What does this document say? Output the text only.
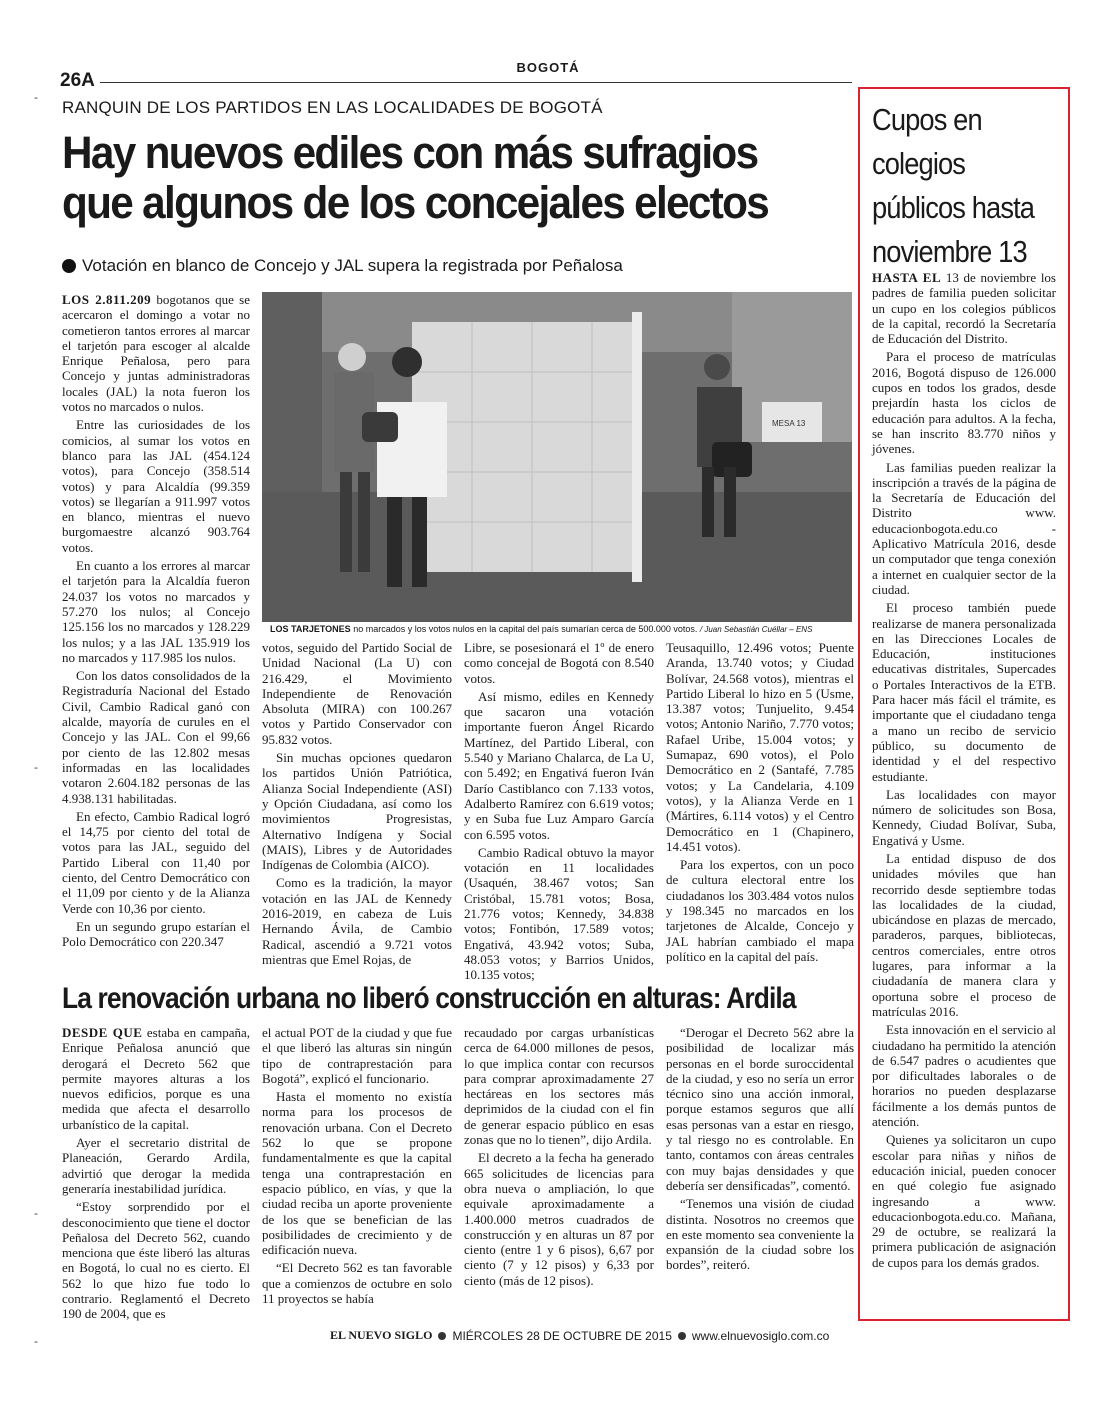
BOGOTÁ
26A
RANQUIN DE LOS PARTIDOS EN LAS LOCALIDADES DE BOGOTÁ
Hay nuevos ediles con más sufragios que algunos de los concejales electos
Votación en blanco de Concejo y JAL supera la registrada por Peñalosa

LOS 2.811.209 bogotanos que se acercaron el domingo a votar no cometieron tantos errores al marcar el tarjetón para escoger al alcalde Enrique Peñalosa, pero para Concejo y juntas administradoras locales (JAL) la nota fueron los votos no marcados o nulos.

Entre las curiosidades de los comicios, al sumar los votos en blanco para las JAL (454.124 votos), para Concejo (358.514 votos) y para Alcaldía (99.359 votos) se llegarían a 911.997 votos en blanco, mientras el nuevo burgomaestre alcanzó 903.764 votos.

En cuanto a los errores al marcar el tarjetón para la Alcaldía fueron 24.037 los votos no marcados y 57.270 los nulos; al Concejo 125.156 los no marcados y 128.229 los nulos; y a las JAL 135.919 los no marcados y 117.985 los nulos.

Con los datos consolidados de la Registraduría Nacional del Estado Civil, Cambio Radical ganó con alcalde, mayoría de curules en el Concejo y las JAL. Con el 99,66 por ciento de las 12.802 mesas informadas en las localidades votaron 2.604.182 personas de las 4.938.131 habilitadas.

En efecto, Cambio Radical logró el 14,75 por ciento del total de votos para las JAL, seguido del Partido Liberal con 11,40 por ciento, del Centro Democrático con el 11,09 por ciento y de la Alianza Verde con 10,36 por ciento.

En un segundo grupo estarían el Polo Democrático con 220.347

MESA 13
LOS TARJETONES no marcados y los votos nulos en la capital del país sumarían cerca de 500.000 votos. / Juan Sebastián Cuéllar – ENS

votos, seguido del Partido Social de Unidad Nacional (La U) con 216.429, el Movimiento Independiente de Renovación Absoluta (MIRA) con 100.267 votos y Partido Conservador con 95.832 votos.

Sin muchas opciones quedaron los partidos Unión Patriótica, Alianza Social Independiente (ASI) y Opción Ciudadana, así como los movimientos Progresistas, Alternativo Indígena y Social (MAIS), Libres y de Autoridades Indígenas de Colombia (AICO).

Como es la tradición, la mayor votación en las JAL de Kennedy 2016-2019, en cabeza de Luis Hernando Ávila, de Cambio Radical, ascendió a 9.721 votos mientras que Emel Rojas, de

Libre, se posesionará el 1º de enero como concejal de Bogotá con 8.540 votos.

Así mismo, ediles en Kennedy que sacaron una votación importante fueron Ángel Ricardo Martínez, del Partido Liberal, con 5.540 y Mariano Chalarca, de La U, con 5.492; en Engativá fueron Iván Darío Castiblanco con 7.133 votos, Adalberto Ramírez con 6.619 votos; y en Suba fue Luz Amparo García con 6.595 votos.

Cambio Radical obtuvo la mayor votación en 11 localidades (Usaquén, 38.467 votos; San Cristóbal, 15.781 votos; Bosa, 21.776 votos; Kennedy, 34.838 votos; Fontibón, 17.589 votos; Engativá, 43.942 votos; Suba, 48.053 votos; y Barrios Unidos, 10.135 votos;

Teusaquillo, 12.496 votos; Puente Aranda, 13.740 votos; y Ciudad Bolívar, 24.568 votos), mientras el Partido Liberal lo hizo en 5 (Usme, 13.387 votos; Tunjuelito, 9.454 votos; Antonio Nariño, 7.770 votos; Rafael Uribe, 15.004 votos; y Sumapaz, 690 votos), el Polo Democrático en 2 (Santafé, 7.785 votos; y La Candelaria, 4.109 votos), y la Alianza Verde en 1 (Mártires, 6.114 votos) y el Centro Democrático en 1 (Chapinero, 14.451 votos).

Para los expertos, con un poco de cultura electoral entre los ciudadanos los 303.484 votos nulos y 198.345 no marcados en los tarjetones de Alcalde, Concejo y JAL habrían cambiado el mapa político en la capital del país.

La renovación urbana no liberó construcción en alturas: Ardila

DESDE QUE estaba en campaña, Enrique Peñalosa anunció que derogará el Decreto 562 que permite mayores alturas a los nuevos edificios, porque es una medida que afecta el desarrollo urbanístico de la capital.

Ayer el secretario distrital de Planeación, Gerardo Ardila, advirtió que derogar la medida generaría inestabilidad jurídica.

“Estoy sorprendido por el desconocimiento que tiene el doctor Peñalosa del Decreto 562, cuando menciona que éste liberó las alturas en Bogotá, lo cual no es cierto. El 562 lo que hizo fue todo lo contrario. Reglamentó el Decreto 190 de 2004, que es

el actual POT de la ciudad y que fue el que liberó las alturas sin ningún tipo de contraprestación para Bogotá”, explicó el funcionario.

Hasta el momento no existía norma para los procesos de renovación urbana. Con el Decreto 562 lo que se propone fundamentalmente es que la capital tenga una contraprestación en espacio público, en vías, y que la ciudad reciba un aporte proveniente de los que se benefician de las posibilidades de crecimiento y de edificación nueva.

“El Decreto 562 es tan favorable que a comienzos de octubre en solo 11 proyectos se había

recaudado por cargas urbanísticas cerca de 64.000 millones de pesos, lo que implica contar con recursos para comprar aproximadamente 27 hectáreas en los sectores más deprimidos de la ciudad con el fin de generar espacio público en esas zonas que no lo tienen”, dijo Ardila.

El decreto a la fecha ha generado 665 solicitudes de licencias para obra nueva o ampliación, lo que equivale aproximadamente a 1.400.000 metros cuadrados de construcción y en alturas un 87 por ciento (entre 1 y 6 pisos), 6,67 por ciento (7 y 12 pisos) y 6,33 por ciento (más de 12 pisos).

“Derogar el Decreto 562 abre la posibilidad de localizar más personas en el borde suroccidental de la ciudad, y eso no sería un error técnico sino una acción inmoral, porque estamos seguros que allí esas personas van a estar en riesgo, y tal riesgo no es controlable. En tanto, contamos con áreas centrales con muy bajas densidades y que debería ser densificadas”, comentó.

“Tenemos una visión de ciudad distinta. Nosotros no creemos que en este momento sea conveniente la expansión de la ciudad sobre los bordes”, reiteró.

Cupos en colegios públicos hasta noviembre 13

HASTA EL 13 de noviembre los padres de familia pueden solicitar un cupo en los colegios públicos de la capital, recordó la Secretaría de Educación del Distrito.

Para el proceso de matrículas 2016, Bogotá dispuso de 126.000 cupos en todos los grados, desde prejardín hasta los ciclos de educación para adultos. A la fecha, se han inscrito 83.770 niños y jóvenes.

Las familias pueden realizar la inscripción a través de la página de la Secretaría de Educación del Distrito www. educacionbogota.edu.co - Aplicativo Matrícula 2016, desde un computador que tenga conexión a internet en cualquier sector de la ciudad.

El proceso también puede realizarse de manera personalizada en las Direcciones Locales de Educación, instituciones educativas distritales, Supercades o Portales Interactivos de la ETB. Para hacer más fácil el trámite, es importante que el ciudadano tenga a mano un recibo de servicio público, su documento de identidad y el del respectivo estudiante.

Las localidades con mayor número de solicitudes son Bosa, Kennedy, Ciudad Bolívar, Suba, Engativá y Usme.

La entidad dispuso de dos unidades móviles que han recorrido desde septiembre todas las localidades de la ciudad, ubicándose en plazas de mercado, paraderos, parques, bibliotecas, centros comerciales, entre otros lugares, para informar a la ciudadanía de manera clara y oportuna sobre el proceso de matrículas 2016.

Esta innovación en el servicio al ciudadano ha permitido la atención de 6.547 padres o acudientes que por dificultades laborales o de horarios no pueden desplazarse fácilmente a los demás puntos de atención.

Quienes ya solicitaron un cupo escolar para niñas y niños de educación inicial, pueden conocer en qué colegio fue asignado ingresando a www. educacionbogota.edu.co. Mañana, 29 de octubre, se realizará la primera publicación de asignación de cupos para los demás grados.

EL NUEVO SIGLO MIÉRCOLES 28 DE OCTUBRE DE 2015 www.elnuevosiglo.com.co
-
-
-
-
